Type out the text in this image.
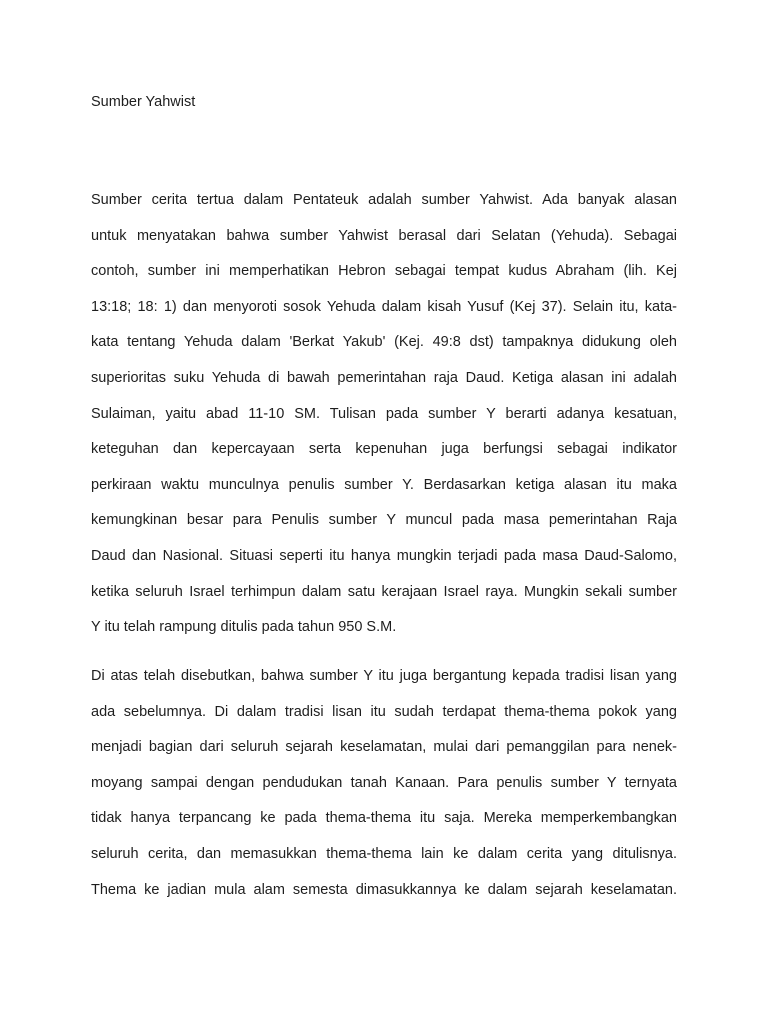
Sumber Yahwist
Sumber cerita tertua dalam Pentateuk adalah sumber Yahwist. Ada banyak alasan
untuk menyatakan bahwa sumber Yahwist berasal dari Selatan (Yehuda). Sebagai
contoh, sumber ini memperhatikan Hebron sebagai tempat kudus Abraham (lih. Kej
13:18; 18: 1) dan menyoroti sosok Yehuda dalam kisah Yusuf (Kej 37). Selain itu, kata-
kata tentang Yehuda dalam 'Berkat Yakub' (Kej. 49:8 dst) tampaknya didukung oleh
superioritas suku Yehuda di bawah pemerintahan raja Daud. Ketiga alasan ini adalah
Sulaiman, yaitu abad 11-10 SM. Tulisan pada sumber Y berarti adanya kesatuan,
keteguhan dan kepercayaan serta kepenuhan juga berfungsi sebagai indikator
perkiraan waktu munculnya penulis sumber Y. Berdasarkan ketiga alasan itu maka
kemungkinan besar para Penulis sumber Y muncul pada masa pemerintahan Raja
Daud dan Nasional. Situasi seperti itu hanya mungkin terjadi pada masa Daud-Salomo,
ketika seluruh Israel terhimpun dalam satu kerajaan Israel raya. Mungkin sekali sumber
Y itu telah rampung ditulis pada tahun 950 S.M.
Di atas telah disebutkan, bahwa sumber Y itu juga bergantung kepada tradisi lisan yang
ada sebelumnya. Di dalam tradisi lisan itu sudah terdapat thema-thema pokok yang
menjadi bagian dari seluruh sejarah keselamatan, mulai dari pemanggilan para nenek-
moyang sampai dengan pendudukan tanah Kanaan. Para penulis sumber Y ternyata
tidak hanya terpancang ke pada thema-thema itu saja. Mereka memperkembangkan
seluruh cerita, dan memasukkan thema-thema lain ke dalam cerita yang ditulisnya.
Thema ke jadian mula alam semesta dimasukkannya ke dalam sejarah keselamatan.
